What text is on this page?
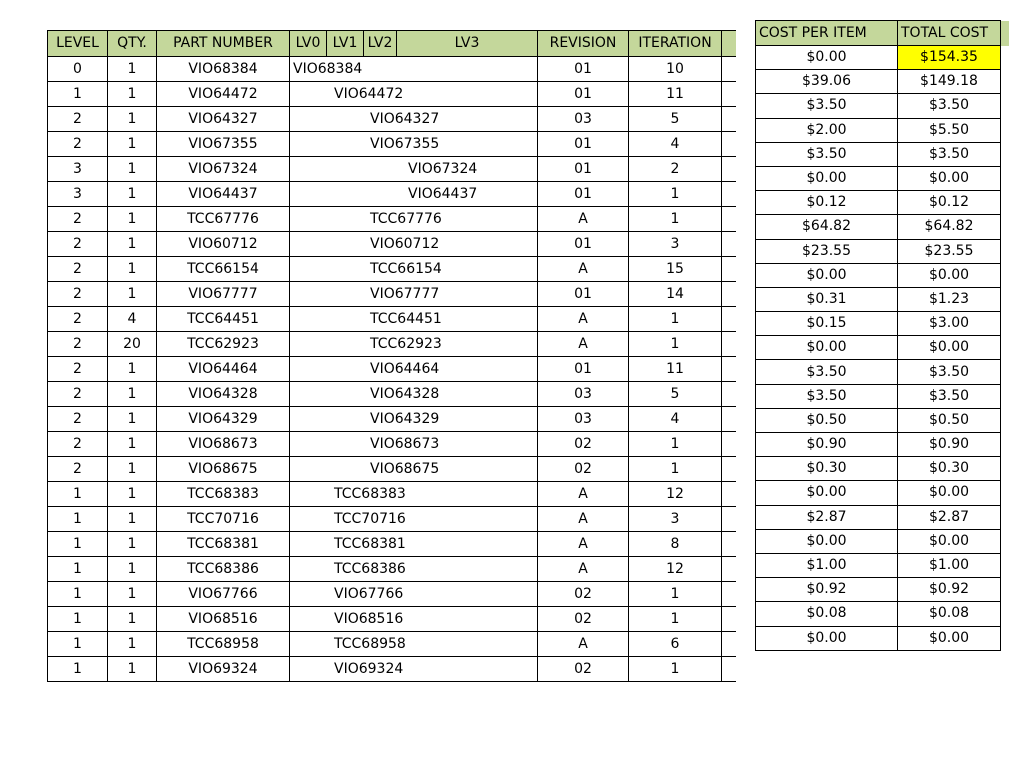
LEVEL	QTY.	PART NUMBER	LV0	LV1	LV2	LV3	REVISION	ITERATION	
0	1	VIO68384	VIO68384				01	10	
1	1	VIO64472	VIO64472				01	11	
2	1	VIO64327	VIO64327				03	5	
2	1	VIO67355	VIO67355				01	4	
3	1	VIO67324	VIO67324				01	2	
3	1	VIO64437	VIO64437				01	1	
2	1	TCC67776	TCC67776				A	1	
2	1	VIO60712	VIO60712				01	3	
2	1	TCC66154	TCC66154				A	15	
2	1	VIO67777	VIO67777				01	14	
2	4	TCC64451	TCC64451				A	1	
2	20	TCC62923	TCC62923				A	1	
2	1	VIO64464	VIO64464				01	11	
2	1	VIO64328	VIO64328				03	5	
2	1	VIO64329	VIO64329				03	4	
2	1	VIO68673	VIO68673				02	1	
2	1	VIO68675	VIO68675				02	1	
1	1	TCC68383	TCC68383				A	12	
1	1	TCC70716	TCC70716				A	3	
1	1	TCC68381	TCC68381				A	8	
1	1	TCC68386	TCC68386				A	12	
1	1	VIO67766	VIO67766				02	1	
1	1	VIO68516	VIO68516				02	1	
1	1	TCC68958	TCC68958				A	6	
1	1	VIO69324	VIO69324				02	1	
COST PER ITEM	TOTAL COST	
$0.00	$154.35	
$39.06	$149.18	
$3.50	$3.50	
$2.00	$5.50	
$3.50	$3.50	
$0.00	$0.00	
$0.12	$0.12	
$64.82	$64.82	
$23.55	$23.55	
$0.00	$0.00	
$0.31	$1.23	
$0.15	$3.00	
$0.00	$0.00	
$3.50	$3.50	
$3.50	$3.50	
$0.50	$0.50	
$0.90	$0.90	
$0.30	$0.30	
$0.00	$0.00	
$2.87	$2.87	
$0.00	$0.00	
$1.00	$1.00	
$0.92	$0.92	
$0.08	$0.08	
$0.00	$0.00	
